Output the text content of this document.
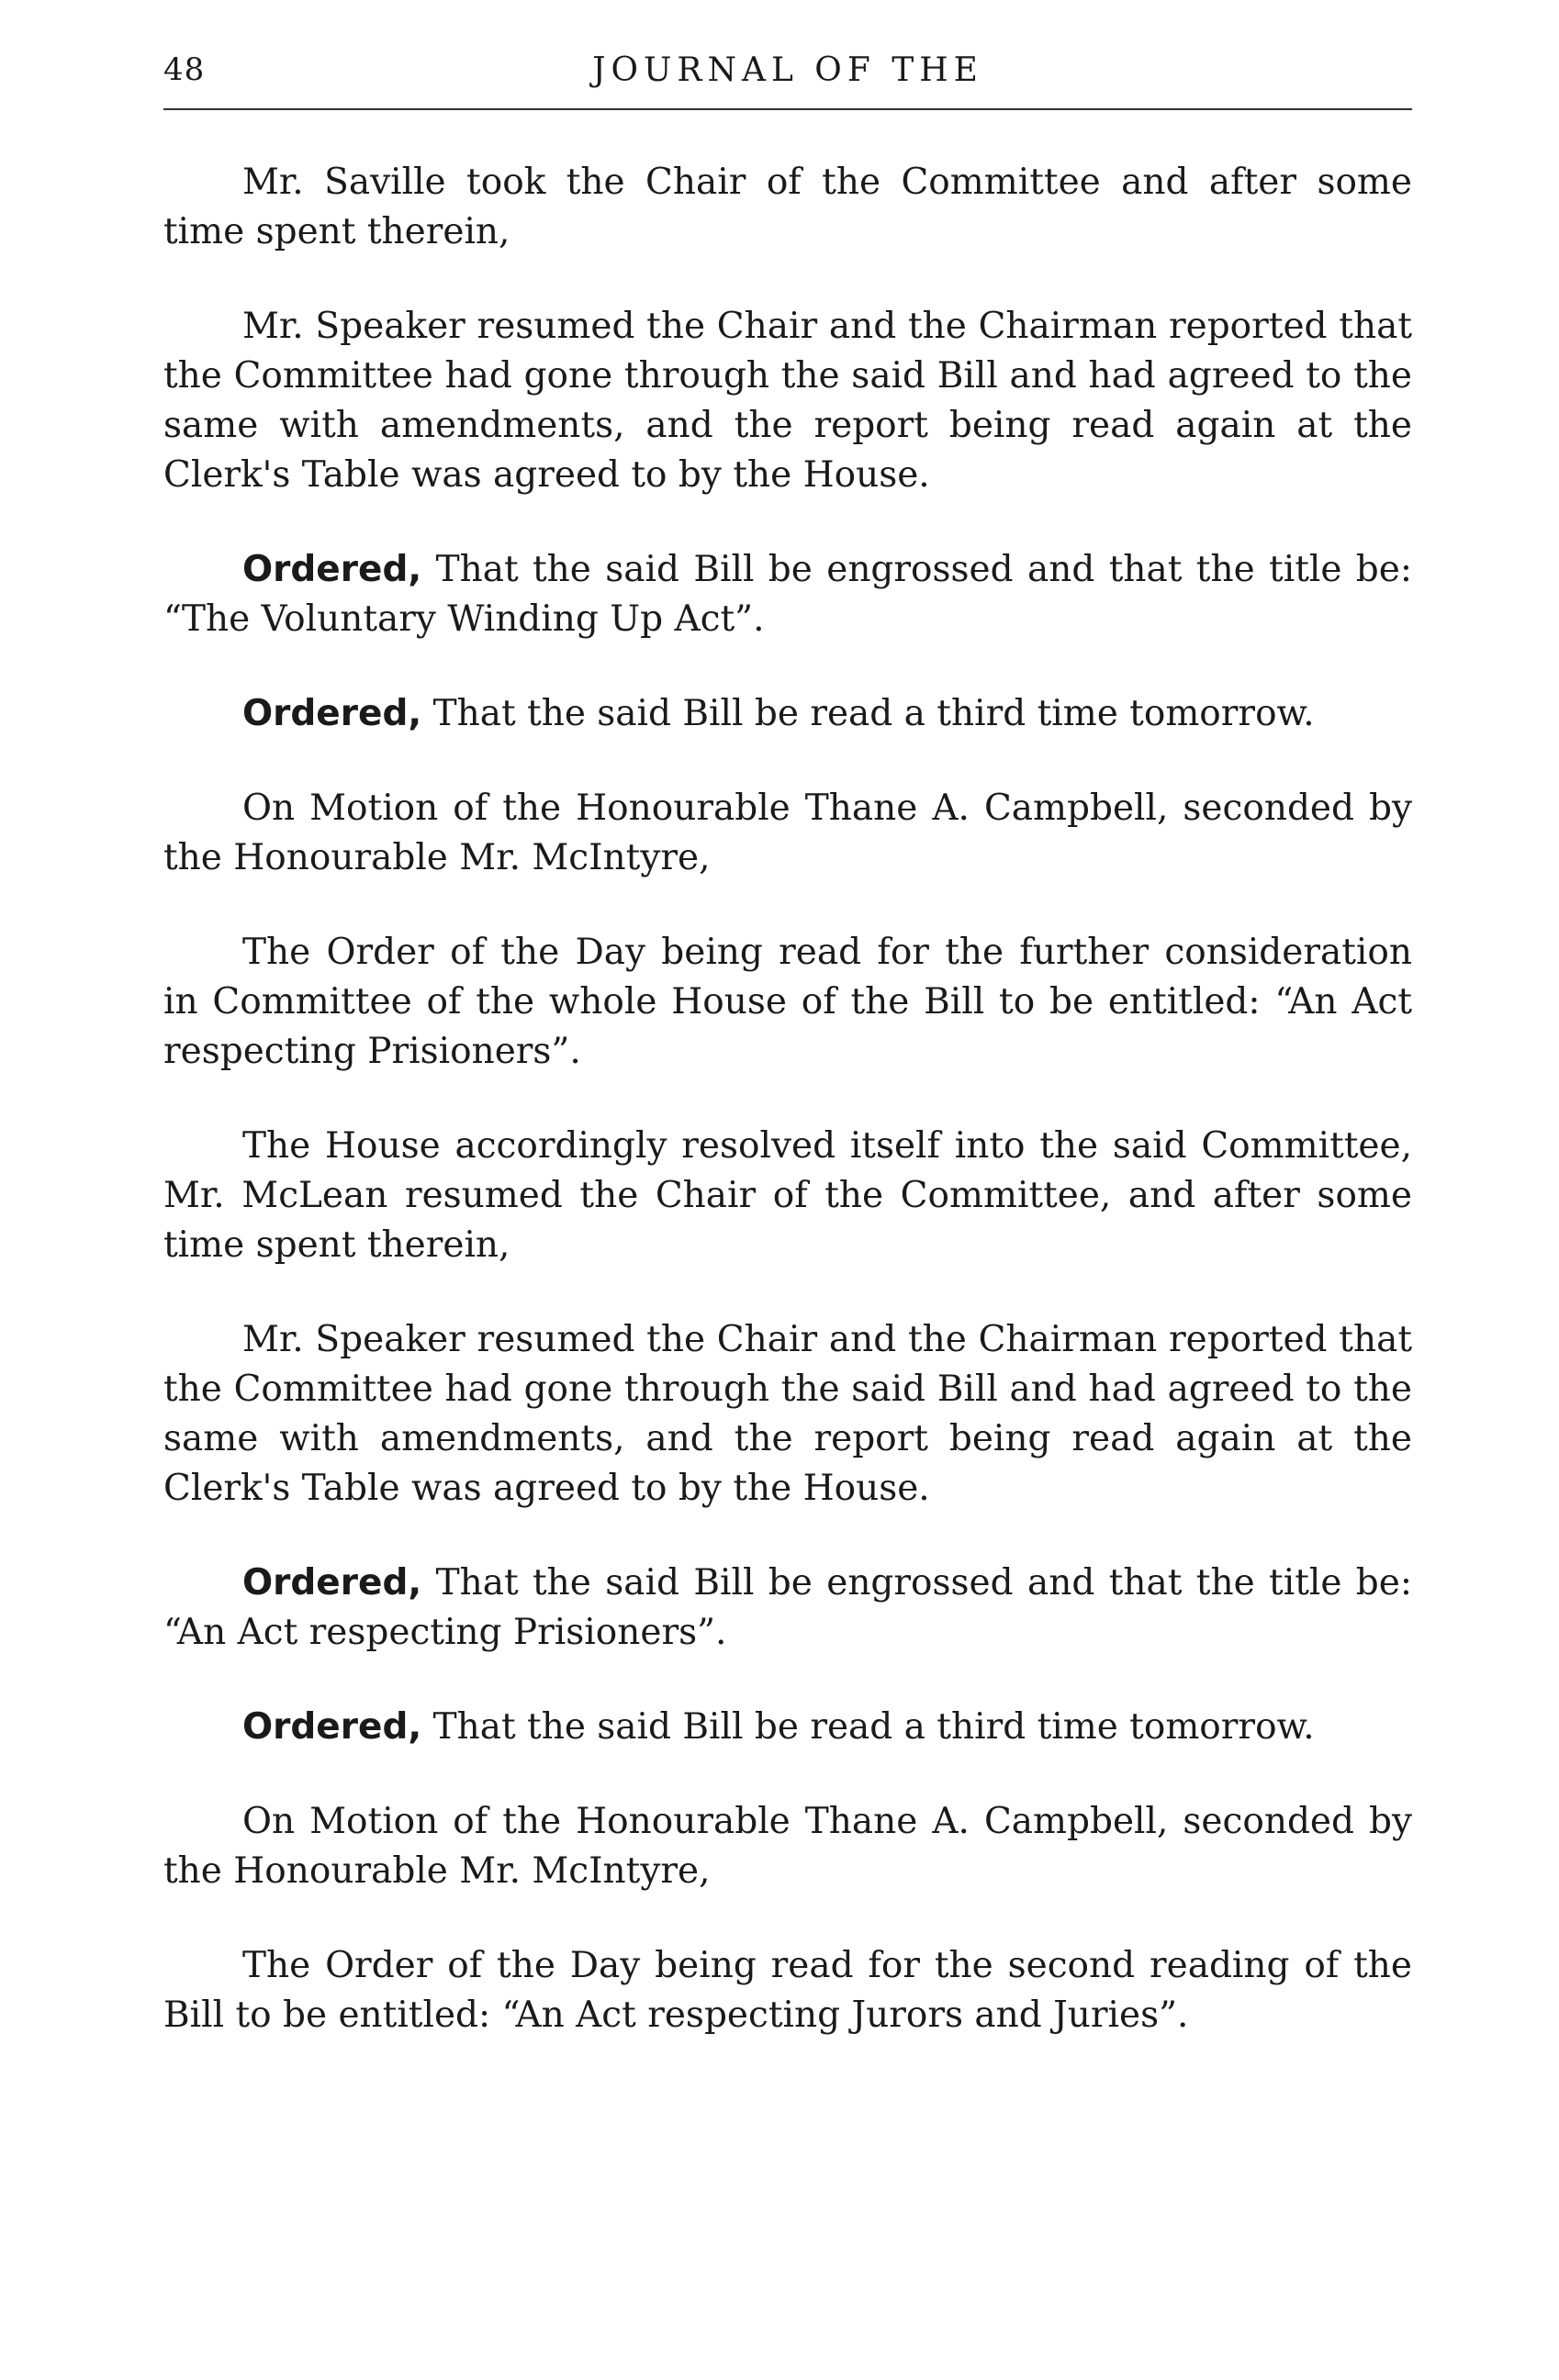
48	JOURNAL OF THE

Mr. Saville took the Chair of the Committee and after some time spent therein,

Mr. Speaker resumed the Chair and the Chairman reported that the Committee had gone through the said Bill and had agreed to the same with amendments, and the report being read again at the Clerk's Table was agreed to by the House.

Ordered, That the said Bill be engrossed and that the title be: “The Voluntary Winding Up Act”.

Ordered, That the said Bill be read a third time tomorrow.

On Motion of the Honourable Thane A. Campbell, seconded by the Honourable Mr. McIntyre,

The Order of the Day being read for the further consideration in Committee of the whole House of the Bill to be entitled: “An Act respecting Prisioners”.

The House accordingly resolved itself into the said Committee, Mr. McLean resumed the Chair of the Committee, and after some time spent therein,

Mr. Speaker resumed the Chair and the Chairman reported that the Committee had gone through the said Bill and had agreed to the same with amendments, and the report being read again at the Clerk's Table was agreed to by the House.

Ordered, That the said Bill be engrossed and that the title be: “An Act respecting Prisioners”.

Ordered, That the said Bill be read a third time tomorrow.

On Motion of the Honourable Thane A. Campbell, seconded by the Honourable Mr. McIntyre,

The Order of the Day being read for the second reading of the Bill to be entitled: “An Act respecting Jurors and Juries”.
